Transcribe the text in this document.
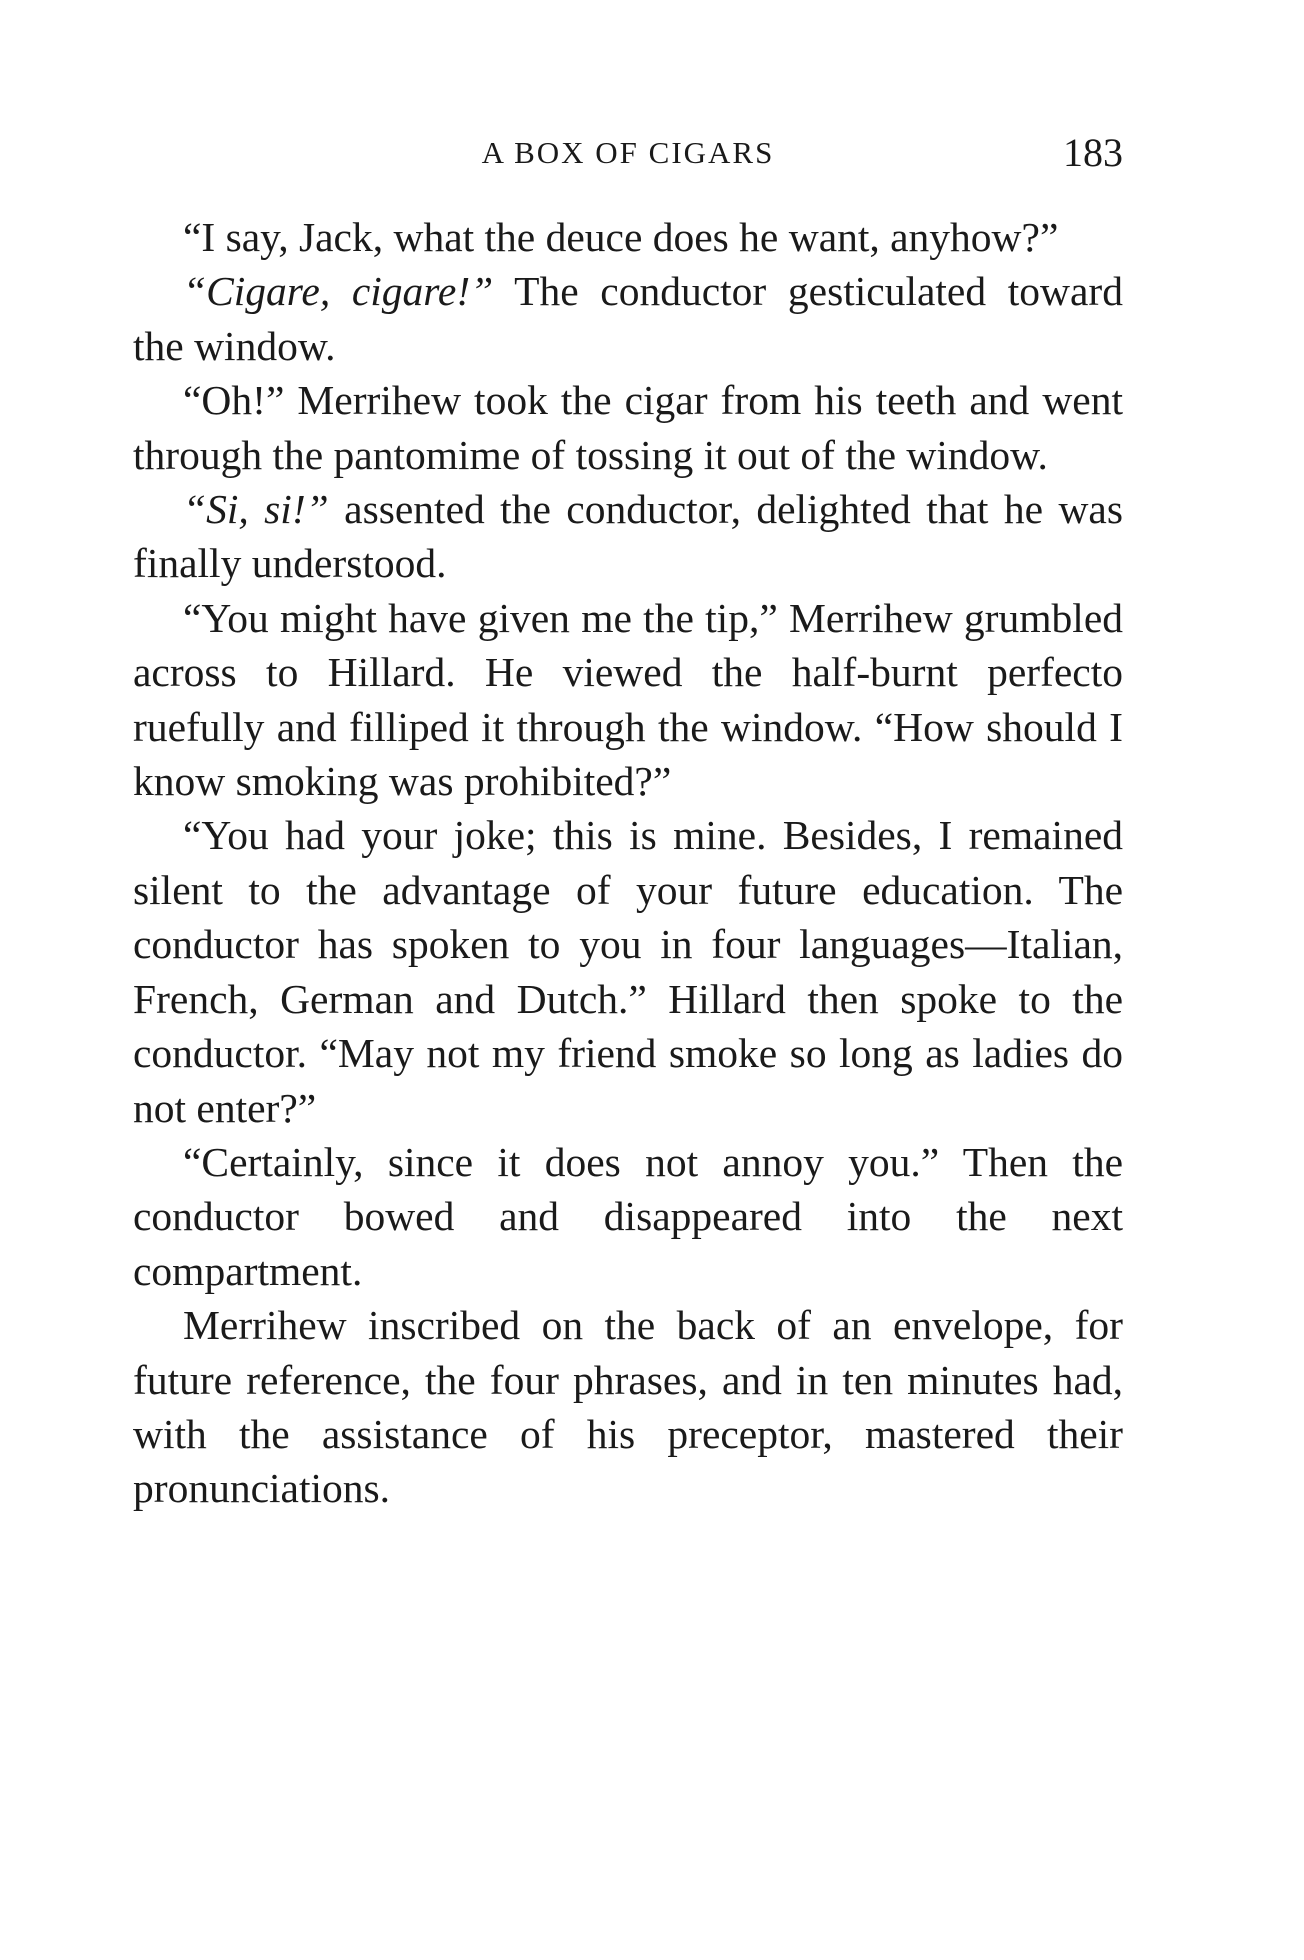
A BOX OF CIGARS	183

“I say, Jack, what the deuce does he want, anyhow?”

“Cigare, cigare!” The conductor gesticulated toward the window.

“Oh!” Merrihew took the cigar from his teeth and went through the pantomime of tossing it out of the window.

“Si, si!” assented the conductor, delighted that he was finally understood.

“You might have given me the tip,” Merrihew grumbled across to Hillard. He viewed the half-burnt perfecto ruefully and filliped it through the window. “How should I know smoking was prohibited?”

“You had your joke; this is mine. Besides, I remained silent to the advantage of your future education. The conductor has spoken to you in four languages—Italian, French, German and Dutch.” Hillard then spoke to the conductor. “May not my friend smoke so long as ladies do not enter?”

“Certainly, since it does not annoy you.” Then the conductor bowed and disappeared into the next compartment.

Merrihew inscribed on the back of an envelope, for future reference, the four phrases, and in ten minutes had, with the assistance of his preceptor, mastered their pronunciations.
